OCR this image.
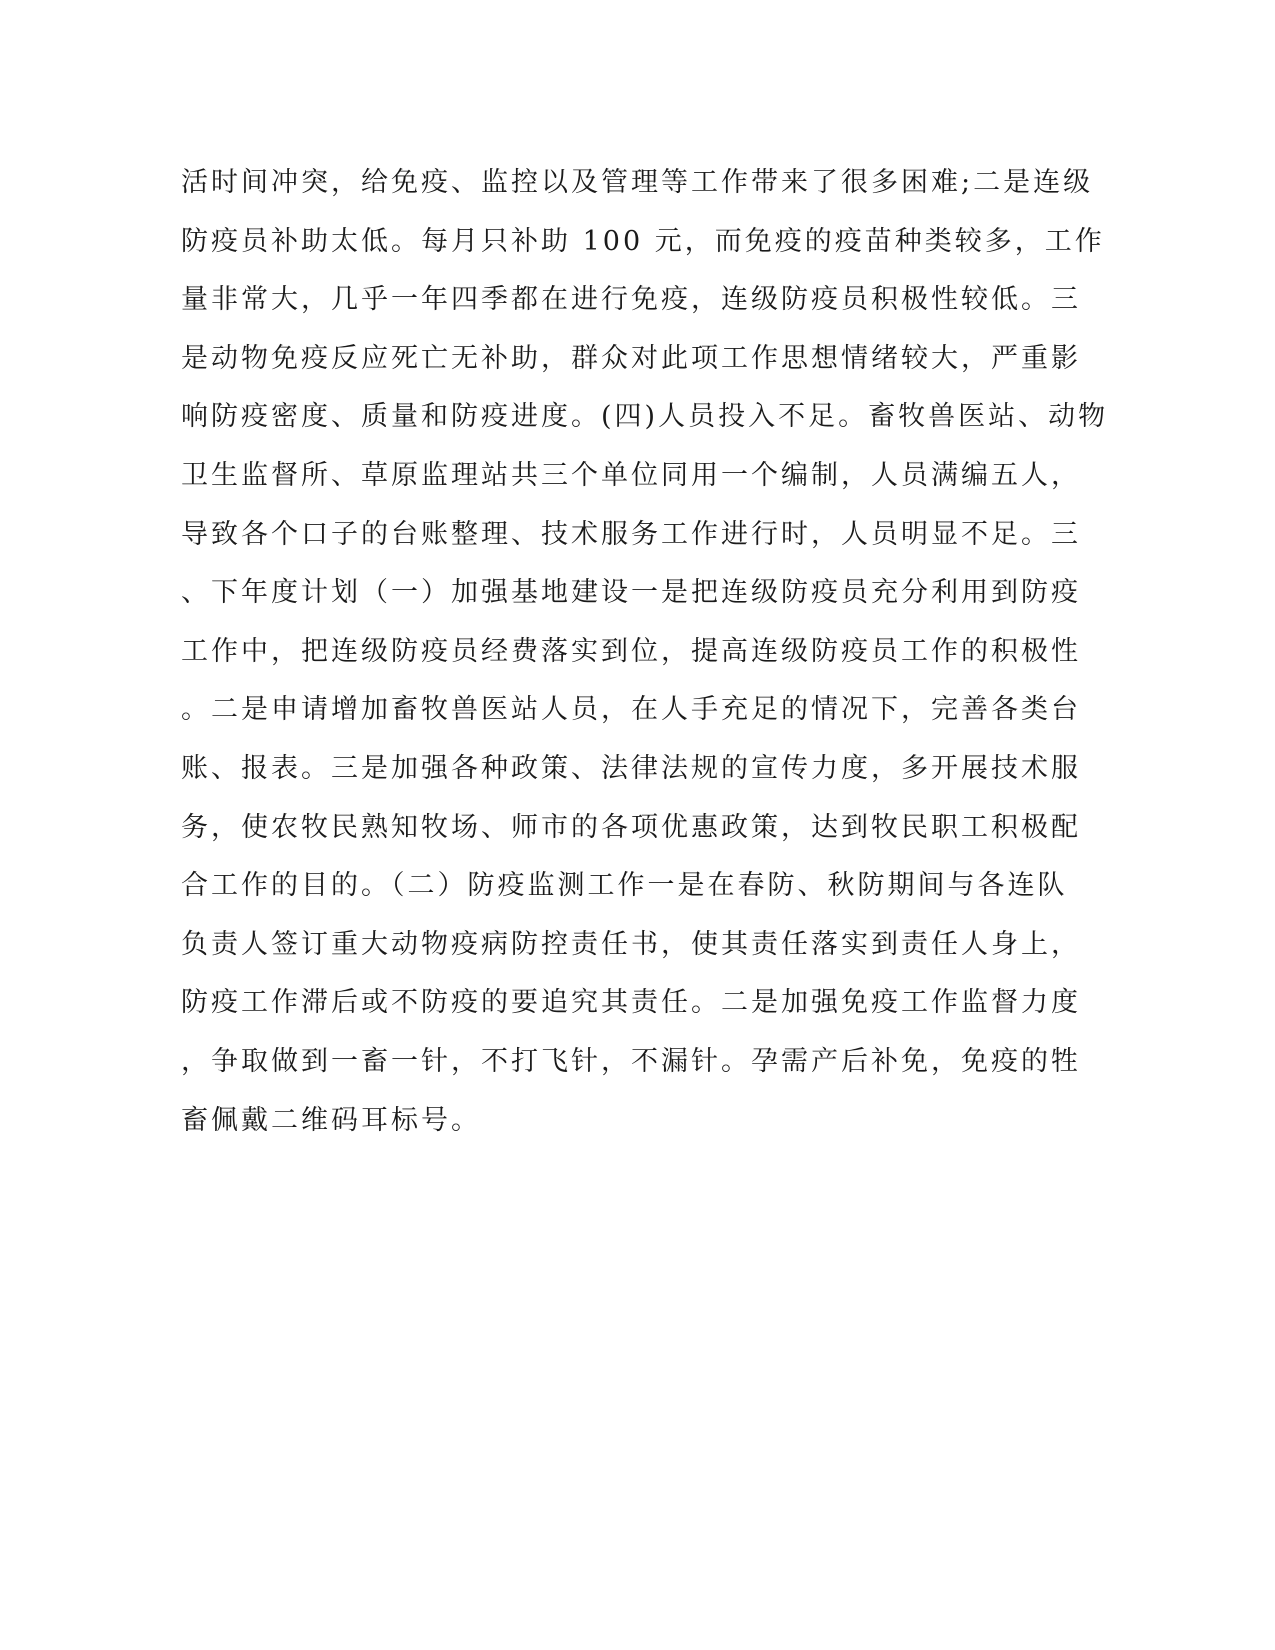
活时间冲突，给免疫、监控以及管理等工作带来了很多困难;二是连级
防疫员补助太低。每月只补助 100 元，而免疫的疫苗种类较多，工作
量非常大，几乎一年四季都在进行免疫，连级防疫员积极性较低。三
是动物免疫反应死亡无补助，群众对此项工作思想情绪较大，严重影
响防疫密度、质量和防疫进度。(四)人员投入不足。畜牧兽医站、动物
卫生监督所、草原监理站共三个单位同用一个编制，人员满编五人，
导致各个口子的台账整理、技术服务工作进行时，人员明显不足。三
、下年度计划（一）加强基地建设一是把连级防疫员充分利用到防疫
工作中，把连级防疫员经费落实到位，提高连级防疫员工作的积极性
。二是申请增加畜牧兽医站人员，在人手充足的情况下，完善各类台
账、报表。三是加强各种政策、法律法规的宣传力度，多开展技术服
务，使农牧民熟知牧场、师市的各项优惠政策，达到牧民职工积极配
合工作的目的。（二）防疫监测工作一是在春防、秋防期间与各连队
负责人签订重大动物疫病防控责任书，使其责任落实到责任人身上，
防疫工作滞后或不防疫的要追究其责任。二是加强免疫工作监督力度
，争取做到一畜一针，不打飞针，不漏针。孕需产后补免，免疫的牲
畜佩戴二维码耳标号。
